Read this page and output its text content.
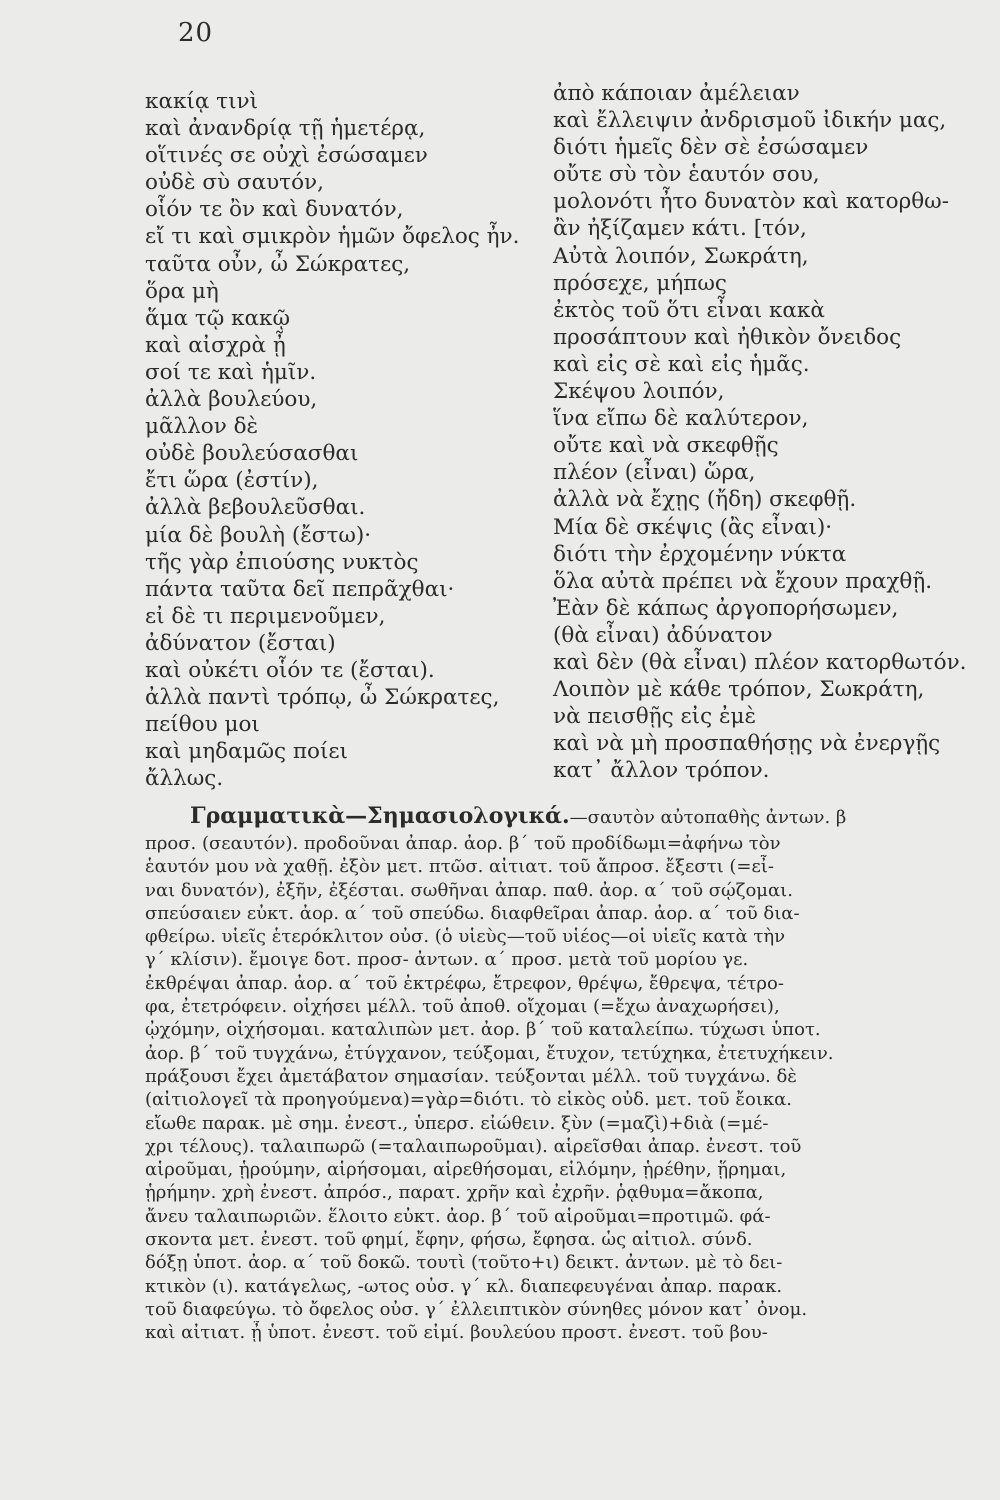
20
κακίᾳ τινὶ
καὶ ἀνανδρίᾳ τῇ ἡμετέρᾳ,
οἵτινές σε οὐχὶ ἐσώσαμεν
οὐδὲ σὺ σαυτόν,
οἷόν τε ὂν καὶ δυνατόν,
εἴ τι καὶ σμικρὸν ἡμῶν ὄφελος ἦν.
ταῦτα οὖν, ὦ Σώκρατες,
ὅρα μὴ
ἅμα τῷ κακῷ
καὶ αἰσχρὰ ᾖ
σοί τε καὶ ἡμῖν.
ἀλλὰ βουλεύου,
μᾶλλον δὲ
οὐδὲ βουλεύσασθαι
ἔτι ὥρα (ἐστίν),
ἀλλὰ βεβουλεῦσθαι.
μία δὲ βουλὴ (ἔστω)·
τῆς γὰρ ἐπιούσης νυκτὸς
πάντα ταῦτα δεῖ πεπρᾶχθαι·
εἰ δὲ τι περιμενοῦμεν,
ἀδύνατον (ἔσται)
καὶ οὐκέτι οἷόν τε (ἔσται).
ἀλλὰ παντὶ τρόπῳ, ὦ Σώκρατες,
πείθου μοι
καὶ μηδαμῶς ποίει
ἄλλως.
ἀπὸ κάποιαν ἀμέλειαν
καὶ ἔλλειψιν ἀνδρισμοῦ ἰδικήν μας,
διότι ἡμεῖς δὲν σὲ ἐσώσαμεν
οὔτε σὺ τὸν ἑαυτόν σου,
μολονότι ἦτο δυνατὸν καὶ κατορθω-
ἂν ἠξίζαμεν κάτι. [τόν,
Αὐτὰ λοιπόν, Σωκράτη,
πρόσεχε, μήπως
ἐκτὸς τοῦ ὅτι εἶναι κακὰ
προσάπτουν καὶ ἠθικὸν ὄνειδος
καὶ εἰς σὲ καὶ εἰς ἡμᾶς.
Σκέψου λοιπόν,
ἵνα εἴπω δὲ καλύτερον,
οὔτε καὶ νὰ σκεφθῇς
πλέον (εἶναι) ὥρα,
ἀλλὰ νὰ ἔχῃς (ἤδη) σκεφθῇ.
Μία δὲ σκέψις (ἂς εἶναι)·
διότι τὴν ἐρχομένην νύκτα
ὅλα αὐτὰ πρέπει νὰ ἔχουν πραχθῇ.
Ἐὰν δὲ κάπως ἀργοπορήσωμεν,
(θὰ εἶναι) ἀδύνατον
καὶ δὲν (θὰ εἶναι) πλέον κατορθωτόν.
Λοιπὸν μὲ κάθε τρόπον, Σωκράτη,
νὰ πεισθῇς εἰς ἐμὲ
καὶ νὰ μὴ προσπαθήσῃς νὰ ἐνεργῇς
κατ᾽ ἄλλον τρόπον.
Γραμματικὰ—Σημασιολογικά.—σαυτὸν αὐτοπαθὴς ἀντων. β
προσ. (σεαυτόν). προδοῦναι ἀπαρ. ἀορ. β΄ τοῦ προδίδωμι=ἀφήνω τὸν
ἑαυτόν μου νὰ χαθῇ. ἐξὸν μετ. πτῶσ. αἰτιατ. τοῦ ἄπροσ. ἔξεστι (=εἶ-
ναι δυνατόν), ἐξῆν, ἐξέσται. σωθῆναι ἀπαρ. παθ. ἀορ. α΄ τοῦ σῴζομαι.
σπεύσαιεν εὐκτ. ἀορ. α΄ τοῦ σπεύδω. διαφθεῖραι ἀπαρ. ἀορ. α΄ τοῦ δια-
φθείρω. υἱεῖς ἑτερόκλιτον οὐσ. (ὁ υἱεὺς—τοῦ υἱέος—οἱ υἱεῖς κατὰ τὴν
γ΄ κλίσιν). ἔμοιγε δοτ. προσ- ἀντων. α΄ προσ. μετὰ τοῦ μορίου γε.
ἐκθρέψαι ἀπαρ. ἀορ. α΄ τοῦ ἐκτρέφω, ἔτρεφον, θρέψω, ἔθρεψα, τέτρο-
φα, ἐτετρόφειν. οἰχήσει μέλλ. τοῦ ἀποθ. οἴχομαι (=ἔχω ἀναχωρήσει),
ᾠχόμην, οἰχήσομαι. καταλιπὼν μετ. ἀορ. β΄ τοῦ καταλείπω. τύχωσι ὑποτ.
ἀορ. β΄ τοῦ τυγχάνω, ἐτύγχανον, τεύξομαι, ἔτυχον, τετύχηκα, ἐτετυχήκειν.
πράξουσι ἔχει ἀμετάβατον σημασίαν. τεύξονται μέλλ. τοῦ τυγχάνω. δὲ
(αἰτιολογεῖ τὰ προηγούμενα)=γὰρ=διότι. τὸ εἰκὸς οὐδ. μετ. τοῦ ἔοικα.
εἴωθε παρακ. μὲ σημ. ἐνεστ., ὑπερσ. εἰώθειν. ξὺν (=μαζὶ)+διὰ (=μέ-
χρι τέλους). ταλαιπωρῶ (=ταλαιπωροῦμαι). αἱρεῖσθαι ἀπαρ. ἐνεστ. τοῦ
αἱροῦμαι, ᾑρούμην, αἱρήσομαι, αἱρεθήσομαι, εἱλόμην, ᾑρέθην, ᾕρημαι,
ᾑρήμην. χρὴ ἐνεστ. ἀπρόσ., παρατ. χρῆν καὶ ἐχρῆν. ῥᾳθυμα=ἄκοπα,
ἄνευ ταλαιπωριῶν. ἕλοιτο εὐκτ. ἀορ. β΄ τοῦ αἱροῦμαι=προτιμῶ. φά-
σκοντα μετ. ἐνεστ. τοῦ φημί, ἔφην, φήσω, ἔφησα. ὡς αἰτιολ. σύνδ.
δόξῃ ὑποτ. ἀορ. α΄ τοῦ δοκῶ. τουτὶ (τοῦτο+ι) δεικτ. ἀντων. μὲ τὸ δει-
κτικὸν (ι). κατάγελως, -ωτος οὐσ. γ΄ κλ. διαπεφευγέναι ἀπαρ. παρακ.
τοῦ διαφεύγω. τὸ ὄφελος οὐσ. γ΄ ἐλλειπτικὸν σύνηθες μόνον κατ᾽ ὀνομ.
καὶ αἰτιατ. ᾖ ὑποτ. ἐνεστ. τοῦ εἰμί. βουλεύου προστ. ἐνεστ. τοῦ βου-
